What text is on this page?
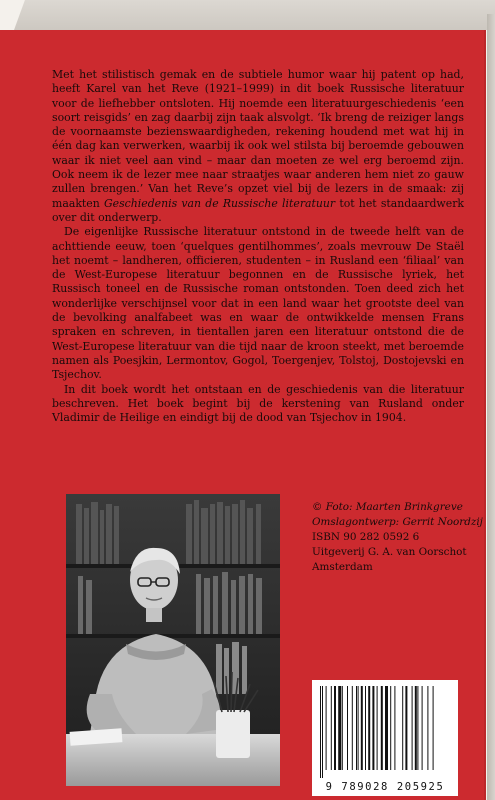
Met het stilistisch gemak en de subtiele humor waar hij patent op had, heeft Karel van het Reve (1921–1999) in dit boek Russische literatuur voor de liefhebber ontsloten. Hij noemde een literatuurgeschiedenis ‘een soort reisgids’ en zag daarbij zijn taak alsvolgt. ‘Ik breng de reiziger langs de voornaamste bezienswaardigheden, rekening houdend met wat hij in één dag kan verwerken, waarbij ik ook wel stilsta bij beroemde gebouwen waar ik niet veel aan vind – maar dan moeten ze wel erg beroemd zijn. Ook neem ik de lezer mee naar straatjes waar anderen hem niet zo gauw zullen brengen.’ Van het Reve’s opzet viel bij de lezers in de smaak: zij maakten Geschiedenis van de Russische literatuur tot het standaardwerk over dit onderwerp.

De eigenlijke Russische literatuur ontstond in de tweede helft van de achttiende eeuw, toen ‘quelques gentilhommes’, zoals mevrouw De Staël het noemt – landheren, officieren, studenten – in Rusland een ‘filiaal’ van de West-Europese literatuur begonnen en de Russische lyriek, het Russisch toneel en de Russische roman ontstonden. Toen deed zich het wonderlijke verschijnsel voor dat in een land waar het grootste deel van de bevolking analfabeet was en waar de ontwikkelde mensen Frans spraken en schreven, in tientallen jaren een literatuur ontstond die de West-Europese literatuur van die tijd naar de kroon steekt, met beroemde namen als Poesjkin, Lermontov, Gogol, Toergenjev, Tolstoj, Dostojevski en Tsjechov.

In dit boek wordt het ontstaan en de geschiedenis van die literatuur beschreven. Het boek begint bij de kerstening van Rusland onder Vladimir de Heilige en eindigt bij de dood van Tsjechov in 1904.

© Foto: Maarten Brinkgreve
Omslagontwerp: Gerrit Noordzij
ISBN 90 282 0592 6
Uitgeverij G. A. van Oorschot
Amsterdam
9 789028 205925
